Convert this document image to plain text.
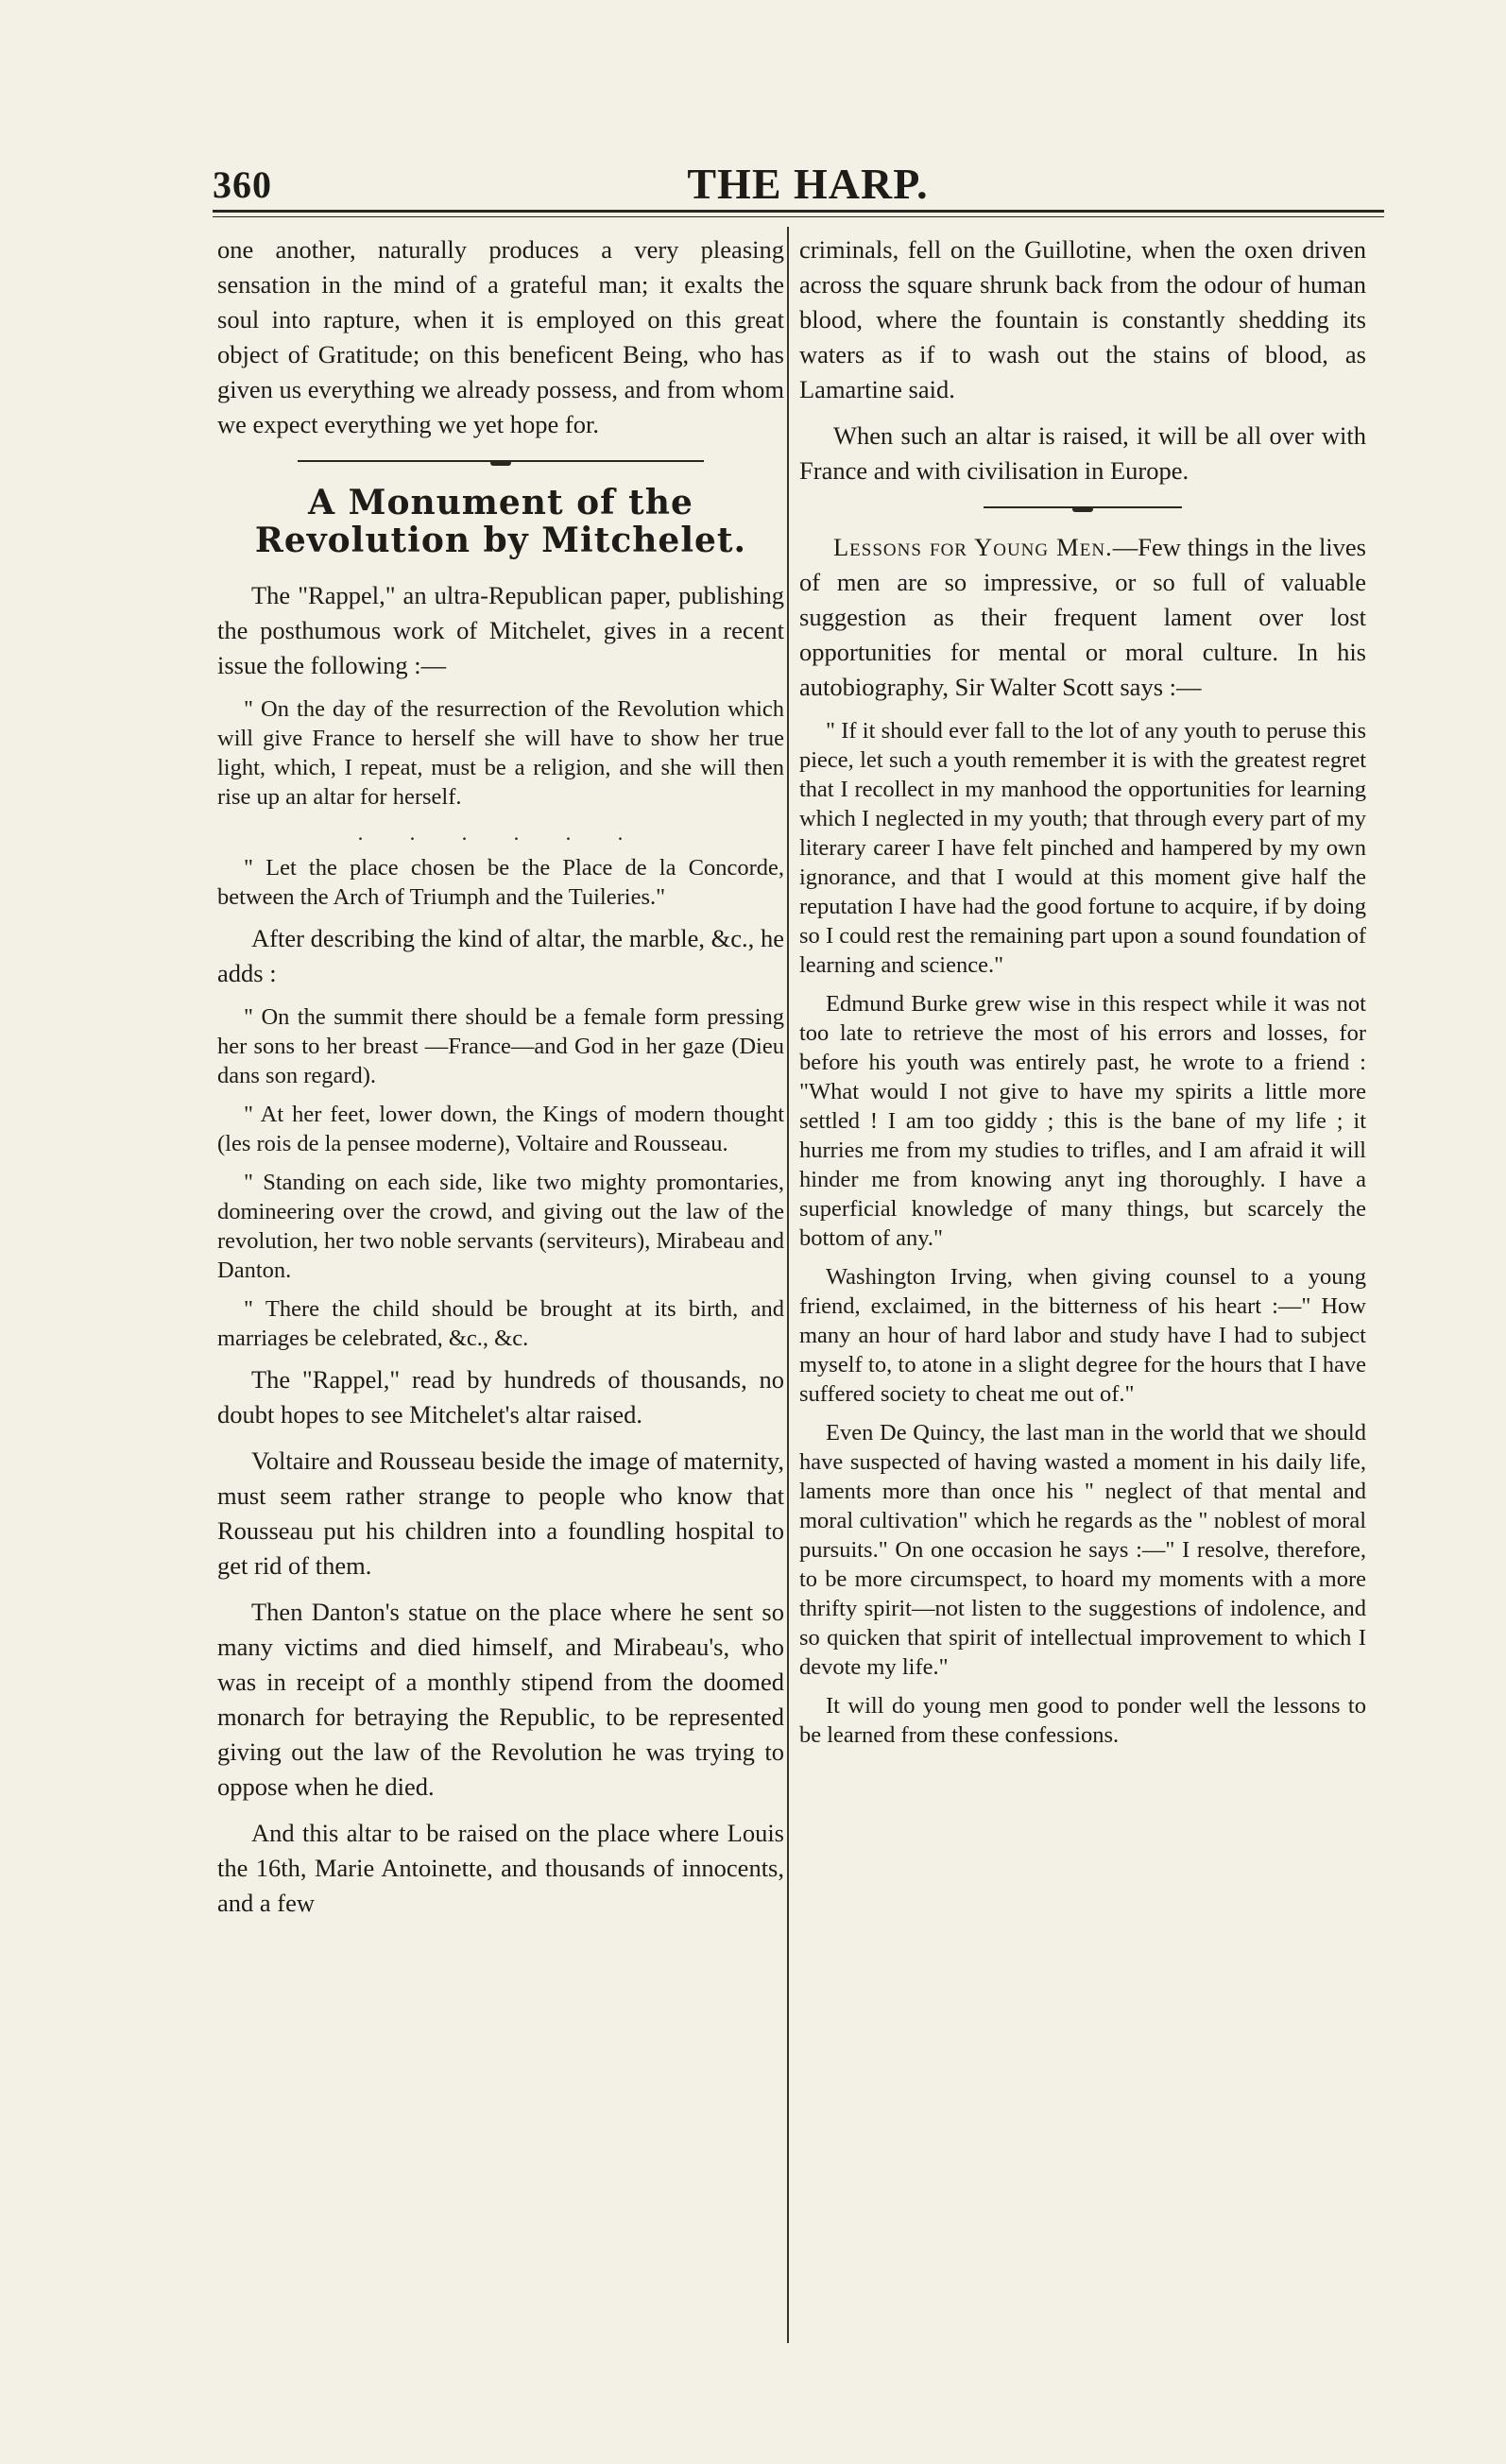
360	THE HARP.

one another, naturally produces a very pleasing sensation in the mind of a grateful man; it exalts the soul into rapture, when it is employed on this great object of Gratitude; on this beneficent Being, who has given us everything we already possess, and from whom we expect everything we yet hope for.

A Monument of the Revolution by Mitchelet.

The "Rappel," an ultra-Republican paper, publishing the posthumous work of Mitchelet, gives in a recent issue the following :—

" On the day of the resurrection of the Revolution which will give France to herself she will have to show her true light, which, I repeat, must be a religion, and she will then rise up an altar for herself.

. . . . . .

" Let the place chosen be the Place de la Concorde, between the Arch of Triumph and the Tuileries."

After describing the kind of altar, the marble, &c., he adds :

" On the summit there should be a female form pressing her sons to her breast —France—and God in her gaze (Dieu dans son regard).

" At her feet, lower down, the Kings of modern thought (les rois de la pensee moderne), Voltaire and Rousseau.

" Standing on each side, like two mighty promontaries, domineering over the crowd, and giving out the law of the revolution, her two noble servants (serviteurs), Mirabeau and Danton.

" There the child should be brought at its birth, and marriages be celebrated, &c., &c.

The "Rappel," read by hundreds of thousands, no doubt hopes to see Mitchelet's altar raised.

Voltaire and Rousseau beside the image of maternity, must seem rather strange to people who know that Rousseau put his children into a foundling hospital to get rid of them.

Then Danton's statue on the place where he sent so many victims and died himself, and Mirabeau's, who was in receipt of a monthly stipend from the doomed monarch for betraying the Republic, to be represented giving out the law of the Revolution he was trying to oppose when he died.

And this altar to be raised on the place where Louis the 16th, Marie Antoinette, and thousands of innocents, and a few

criminals, fell on the Guillotine, when the oxen driven across the square shrunk back from the odour of human blood, where the fountain is constantly shedding its waters as if to wash out the stains of blood, as Lamartine said.

When such an altar is raised, it will be all over with France and with civilisation in Europe.

Lessons for Young Men.—Few things in the lives of men are so impressive, or so full of valuable suggestion as their frequent lament over lost opportunities for mental or moral culture. In his autobiography, Sir Walter Scott says :—

" If it should ever fall to the lot of any youth to peruse this piece, let such a youth remember it is with the greatest regret that I recollect in my manhood the opportunities for learning which I neglected in my youth; that through every part of my literary career I have felt pinched and hampered by my own ignorance, and that I would at this moment give half the reputation I have had the good fortune to acquire, if by doing so I could rest the remaining part upon a sound foundation of learning and science."

Edmund Burke grew wise in this respect while it was not too late to retrieve the most of his errors and losses, for before his youth was entirely past, he wrote to a friend : "What would I not give to have my spirits a little more settled ! I am too giddy ; this is the bane of my life ; it hurries me from my studies to trifles, and I am afraid it will hinder me from knowing anyt ing thoroughly. I have a superficial knowledge of many things, but scarcely the bottom of any."

Washington Irving, when giving counsel to a young friend, exclaimed, in the bitterness of his heart :—" How many an hour of hard labor and study have I had to subject myself to, to atone in a slight degree for the hours that I have suffered society to cheat me out of."

Even De Quincy, the last man in the world that we should have suspected of having wasted a moment in his daily life, laments more than once his " neglect of that mental and moral cultivation" which he regards as the " noblest of moral pursuits." On one occasion he says :—" I resolve, therefore, to be more circumspect, to hoard my moments with a more thrifty spirit—not listen to the suggestions of indolence, and so quicken that spirit of intellectual improvement to which I devote my life."

It will do young men good to ponder well the lessons to be learned from these confessions.
